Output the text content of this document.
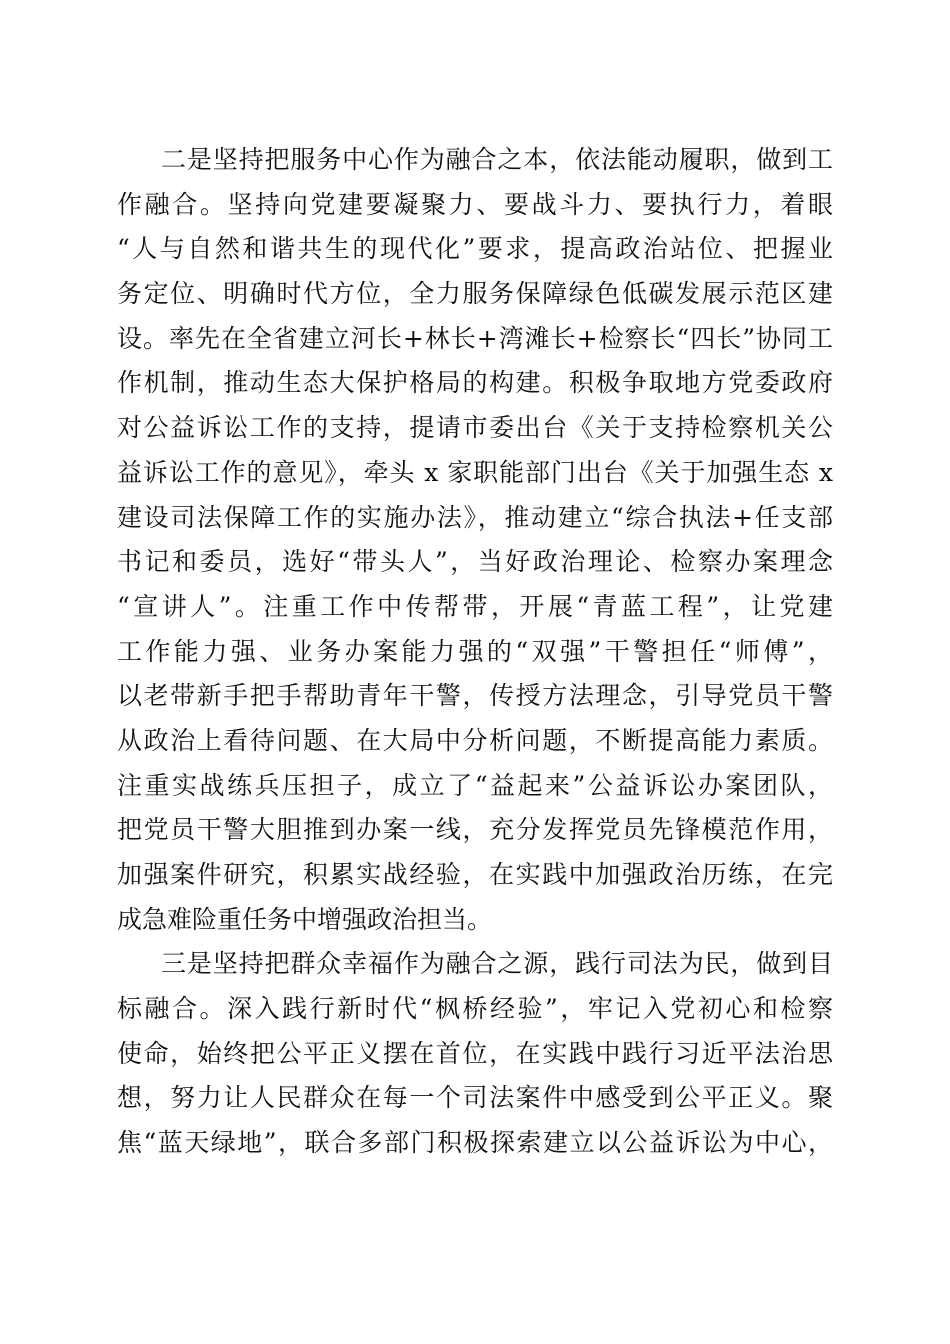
二是坚持把服务中心作为融合之本，依法能动履职，做到工
作融合。坚持向党建要凝聚力、要战斗力、要执行力，着眼
“人与自然和谐共生的现代化”要求，提高政治站位、把握业
务定位、明确时代方位，全力服务保障绿色低碳发展示范区建
设。率先在全省建立河长+林长+湾滩长+检察长“四长”协同工
作机制，推动生态大保护格局的构建。积极争取地方党委政府
对公益诉讼工作的支持，提请市委出台《关于支持检察机关公
益诉讼工作的意见》，牵头 x 家职能部门出台《关于加强生态 x
建设司法保障工作的实施办法》，推动建立“综合执法+任支部
书记和委员，选好“带头人”，当好政治理论、检察办案理念
“宣讲人”。注重工作中传帮带，开展“青蓝工程”，让党建
工作能力强、业务办案能力强的“双强”干警担任“师傅”，
以老带新手把手帮助青年干警，传授方法理念，引导党员干警
从政治上看待问题、在大局中分析问题，不断提高能力素质。
注重实战练兵压担子，成立了“益起来”公益诉讼办案团队，
把党员干警大胆推到办案一线，充分发挥党员先锋模范作用，
加强案件研究，积累实战经验，在实践中加强政治历练，在完
成急难险重任务中增强政治担当。
三是坚持把群众幸福作为融合之源，践行司法为民，做到目
标融合。深入践行新时代“枫桥经验”，牢记入党初心和检察
使命，始终把公平正义摆在首位，在实践中践行习近平法治思
想，努力让人民群众在每一个司法案件中感受到公平正义。聚
焦“蓝天绿地”，联合多部门积极探索建立以公益诉讼为中心，
